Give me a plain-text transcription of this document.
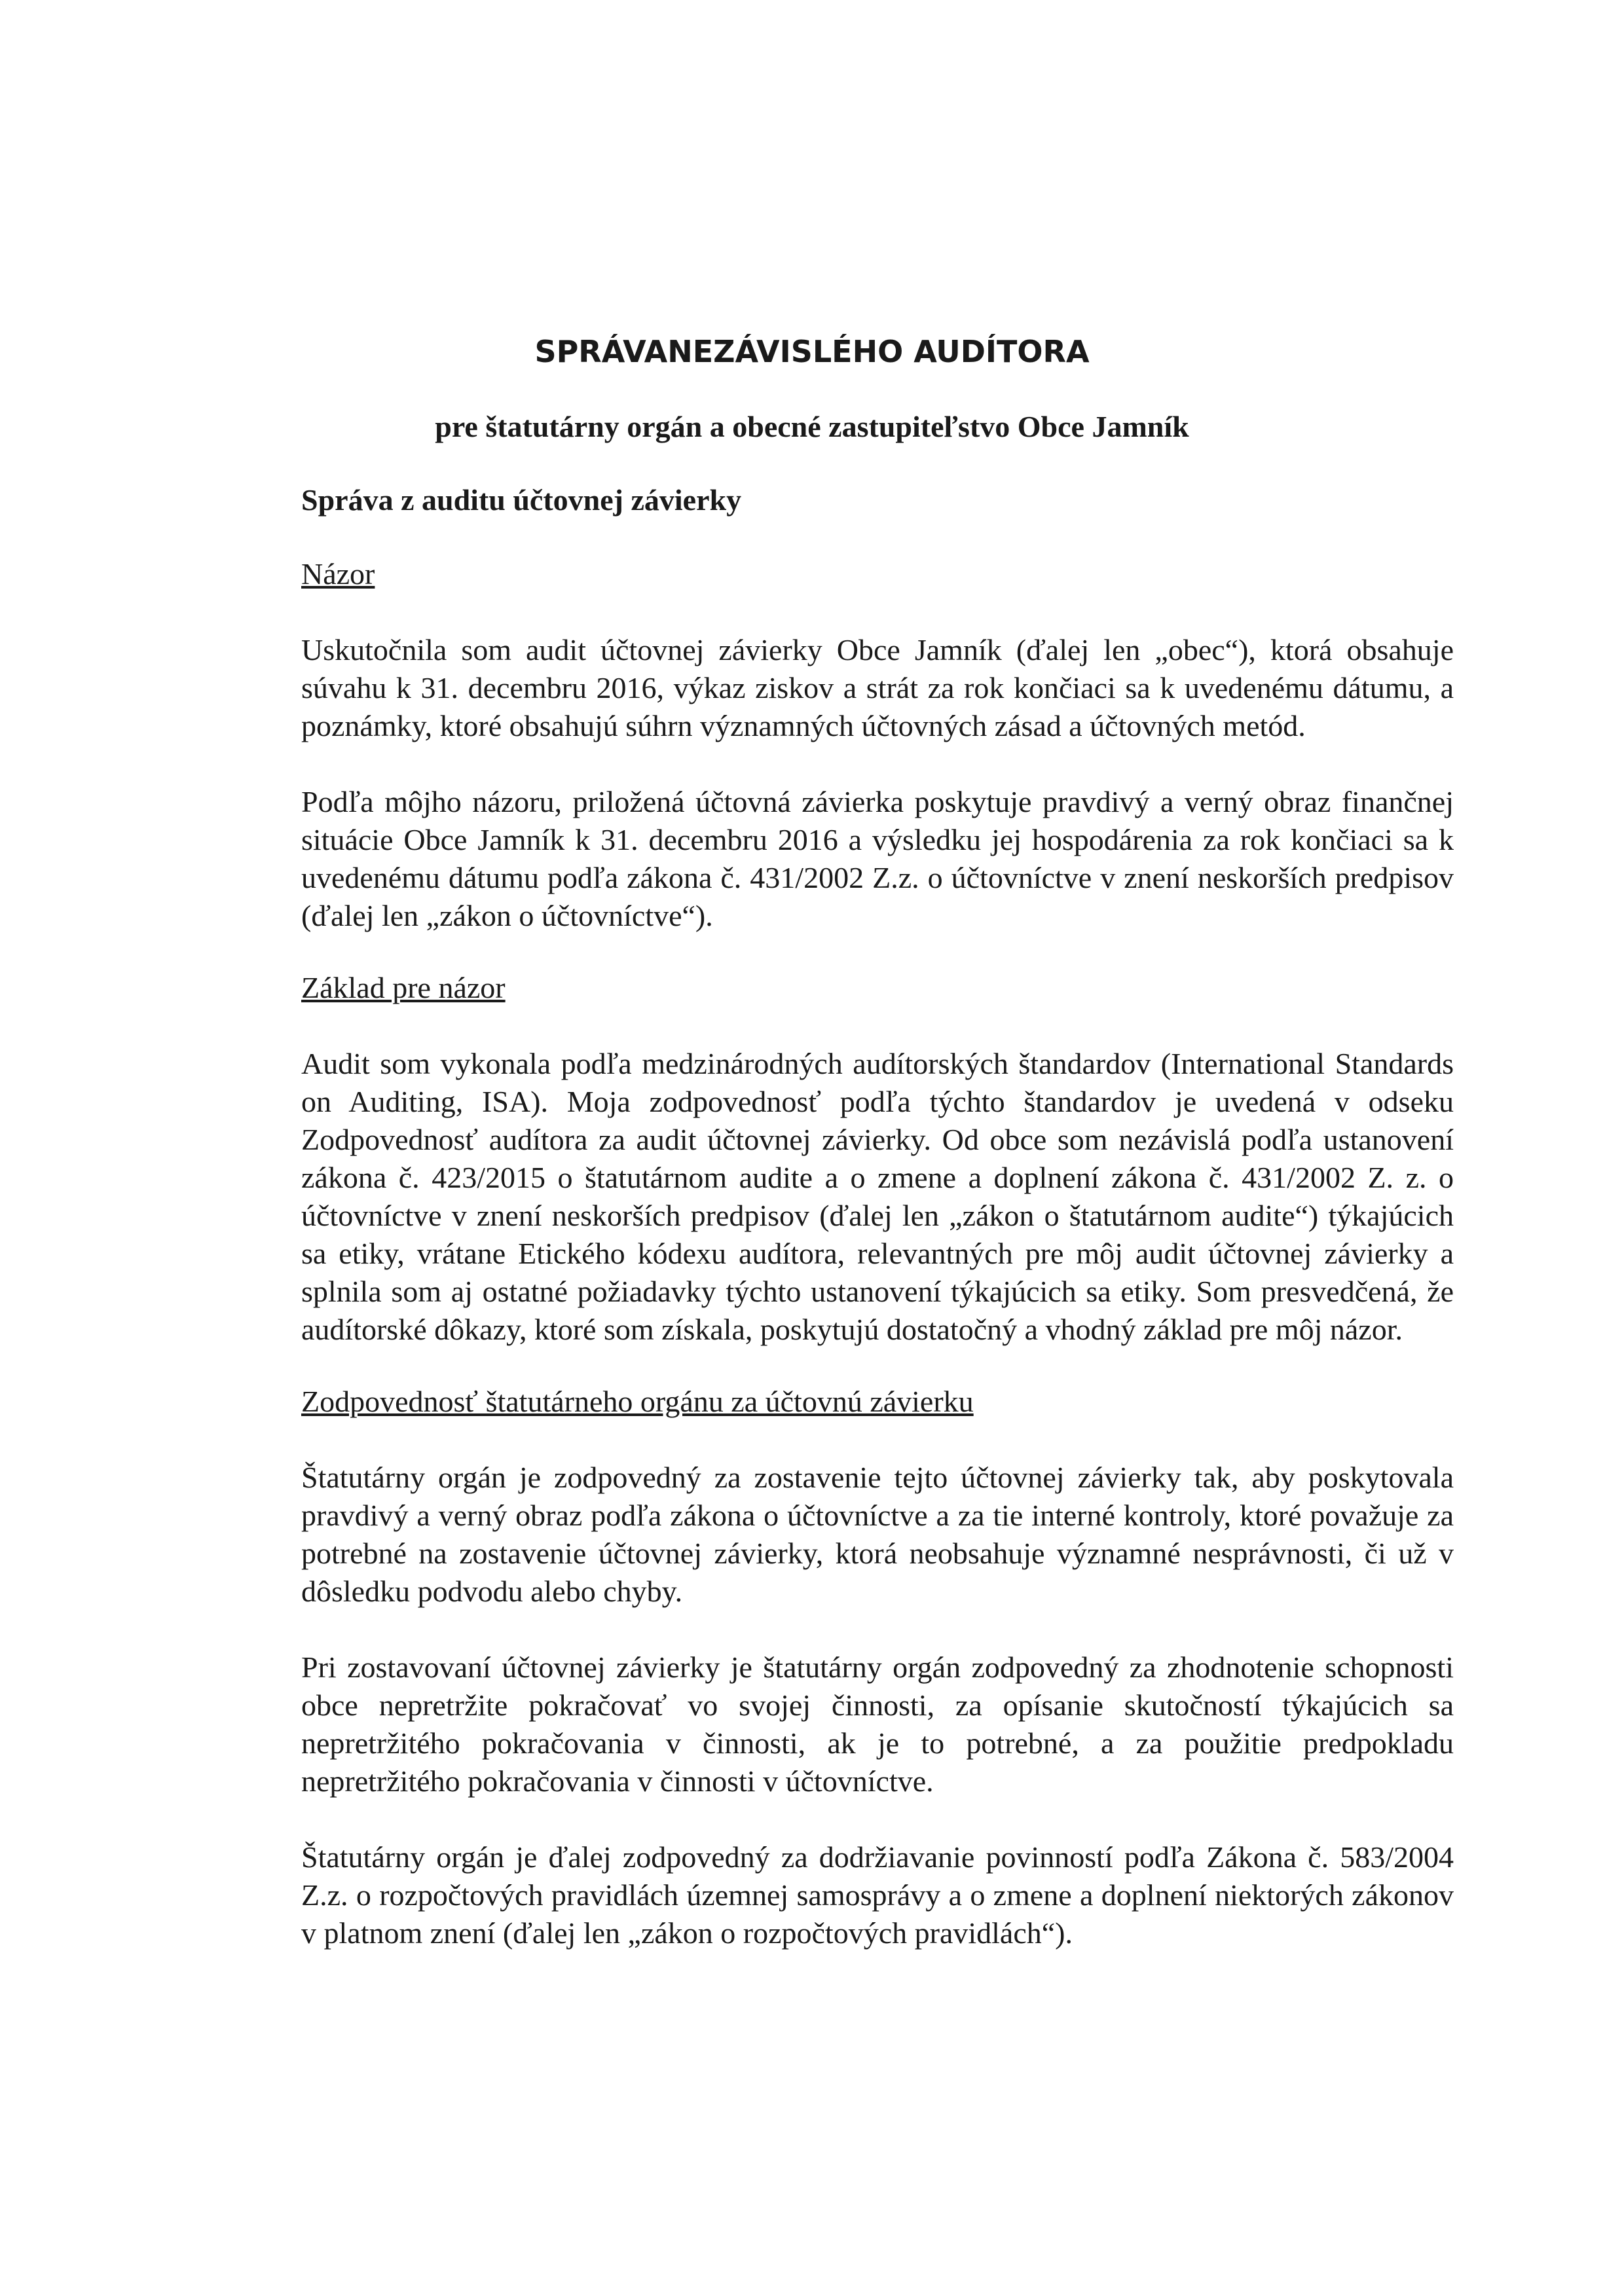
SPRÁVANEZÁVISLÉHO AUDÍTORA
pre štatutárny orgán a obecné zastupiteľstvo Obce Jamník
Správa z auditu účtovnej závierky
Názor

Uskutočnila som audit účtovnej závierky Obce Jamník (ďalej len „obec“), ktorá obsahuje súvahu k 31. decembru 2016, výkaz ziskov a strát za rok končiaci sa k uvedenému dátumu, a poznámky, ktoré obsahujú súhrn významných účtovných zásad a účtovných metód.

Podľa môjho názoru, priložená účtovná závierka poskytuje pravdivý a verný obraz finančnej situácie Obce Jamník k 31. decembru 2016 a výsledku jej hospodárenia za rok končiaci sa k uvedenému dátumu podľa zákona č. 431/2002 Z.z. o účtovníctve v znení neskorších predpisov (ďalej len „zákon o účtovníctve“).

Základ pre názor

Audit som vykonala podľa medzinárodných audítorských štandardov (International Standards on Auditing, ISA). Moja zodpovednosť podľa týchto štandardov je uvedená v odseku Zodpovednosť audítora za audit účtovnej závierky. Od obce som nezávislá podľa ustanovení zákona č. 423/2015 o štatutárnom audite a o zmene a doplnení zákona č. 431/2002 Z. z. o účtovníctve v znení neskorších predpisov (ďalej len „zákon o štatutárnom audite“) týkajúcich sa etiky, vrátane Etického kódexu audítora, relevantných pre môj audit účtovnej závierky a splnila som aj ostatné požiadavky týchto ustanovení týkajúcich sa etiky. Som presvedčená, že audítorské dôkazy, ktoré som získala, poskytujú dostatočný a vhodný základ pre môj názor.

Zodpovednosť štatutárneho orgánu za účtovnú závierku

Štatutárny orgán je zodpovedný za zostavenie tejto účtovnej závierky tak, aby poskytovala pravdivý a verný obraz podľa zákona o účtovníctve a za tie interné kontroly, ktoré považuje za potrebné na zostavenie účtovnej závierky, ktorá neobsahuje významné nesprávnosti, či už v dôsledku podvodu alebo chyby.

Pri zostavovaní účtovnej závierky je štatutárny orgán zodpovedný za zhodnotenie schopnosti obce nepretržite pokračovať vo svojej činnosti, za opísanie skutočností týkajúcich sa nepretržitého pokračovania v činnosti, ak je to potrebné, a za použitie predpokladu nepretržitého pokračovania v činnosti v účtovníctve.

Štatutárny orgán je ďalej zodpovedný za dodržiavanie povinností podľa Zákona č. 583/2004 Z.z. o rozpočtových pravidlách územnej samosprávy a o zmene a doplnení niektorých zákonov v platnom znení (ďalej len „zákon o rozpočtových pravidlách“).
